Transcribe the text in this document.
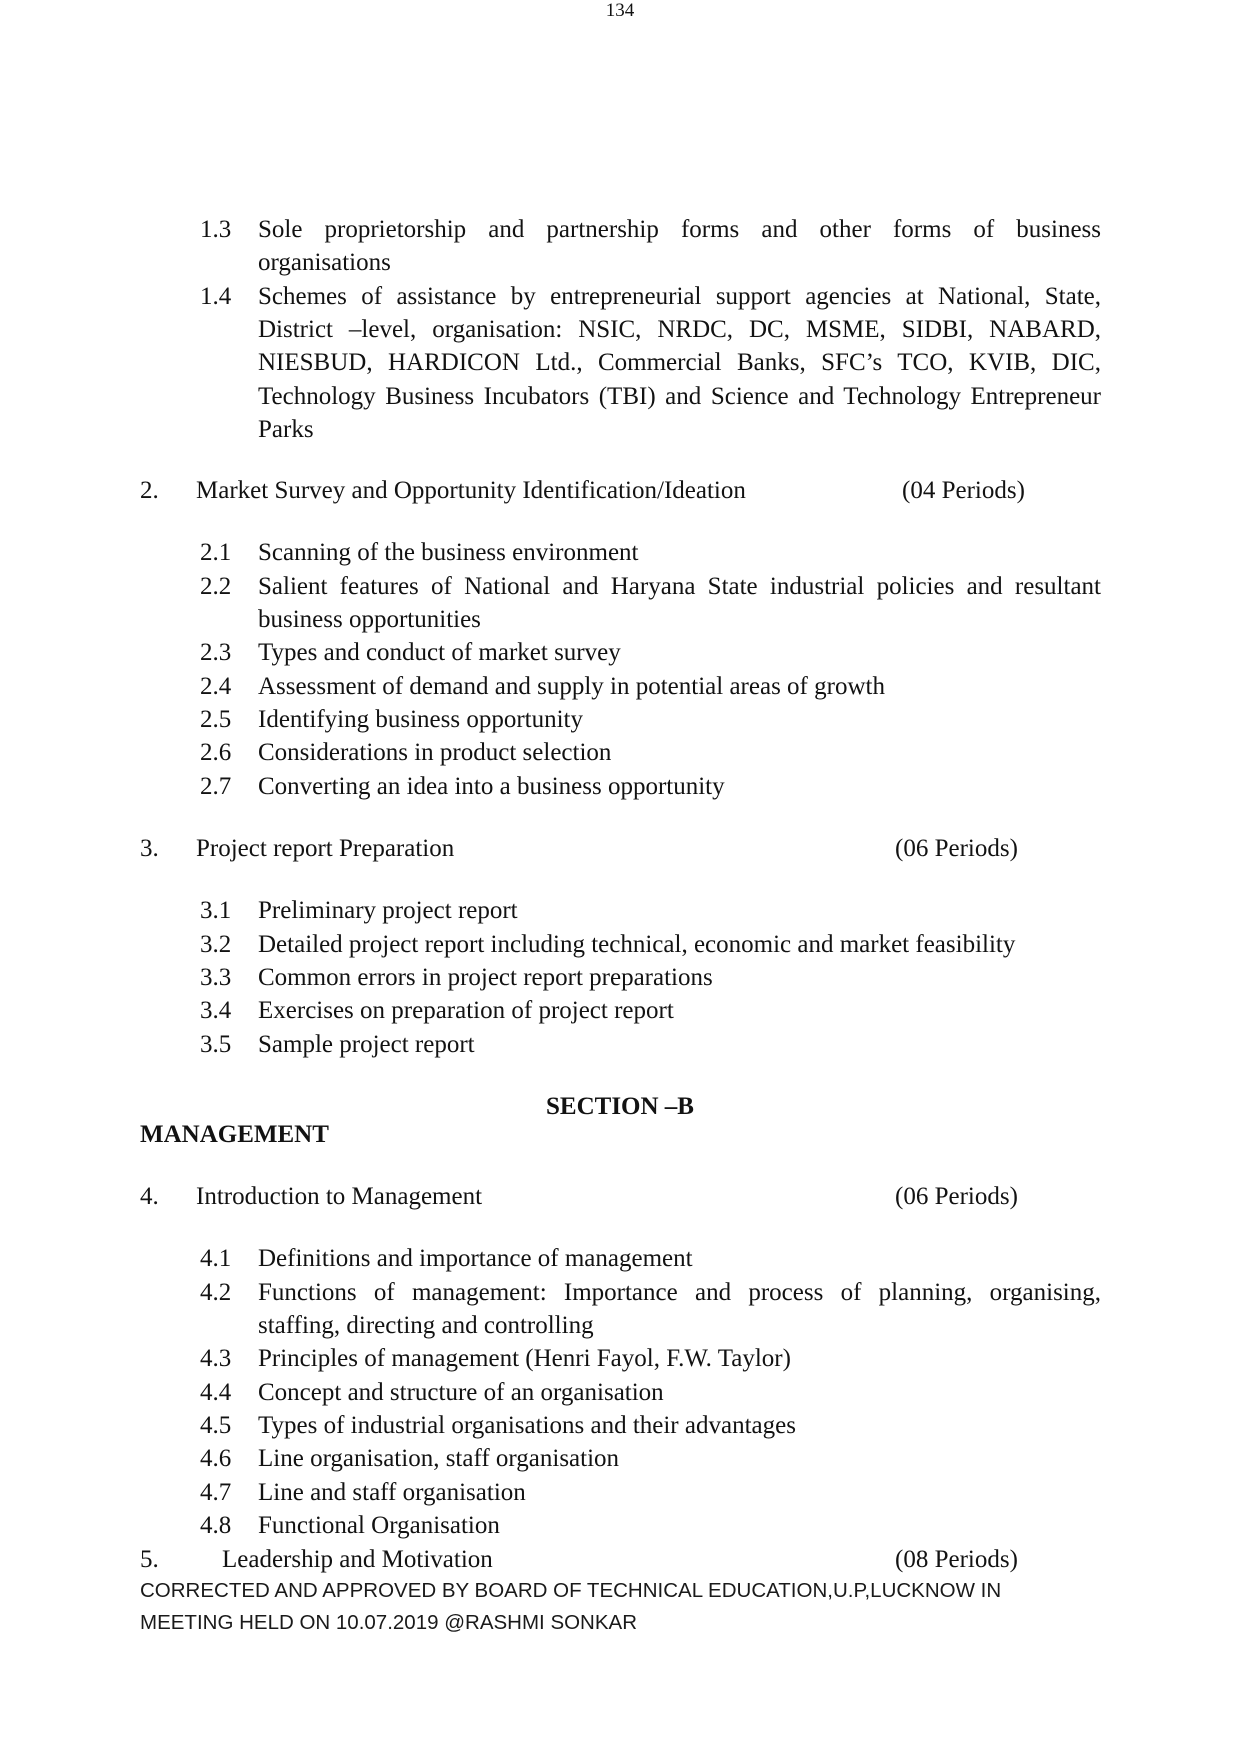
134
1.3 Sole proprietorship and partnership forms and other forms of business
organisations
1.4 Schemes of assistance by entrepreneurial support agencies at National, State,
District –level, organisation: NSIC, NRDC, DC, MSME, SIDBI, NABARD,
NIESBUD, HARDICON Ltd., Commercial Banks, SFC’s TCO, KVIB, DIC,
Technology Business Incubators (TBI) and Science and Technology Entrepreneur
Parks
2. Market Survey and Opportunity Identification/Ideation	(04 Periods)
2.1 Scanning of the business environment
2.2 Salient features of National and Haryana State industrial policies and resultant
business opportunities
2.3 Types and conduct of market survey
2.4 Assessment of demand and supply in potential areas of growth
2.5 Identifying business opportunity
2.6 Considerations in product selection
2.7 Converting an idea into a business opportunity
3. Project report Preparation	(06 Periods)
3.1 Preliminary project report
3.2 Detailed project report including technical, economic and market feasibility
3.3 Common errors in project report preparations
3.4 Exercises on preparation of project report
3.5 Sample project report
SECTION –B
MANAGEMENT
4. Introduction to Management	(06 Periods)
4.1 Definitions and importance of management
4.2 Functions of management: Importance and process of planning, organising,
staffing, directing and controlling
4.3 Principles of management (Henri Fayol, F.W. Taylor)
4.4 Concept and structure of an organisation
4.5 Types of industrial organisations and their advantages
4.6 Line organisation, staff organisation
4.7 Line and staff organisation
4.8 Functional Organisation
5.	Leadership and Motivation	(08 Periods)
CORRECTED AND APPROVED BY BOARD OF TECHNICAL EDUCATION,U.P,LUCKNOW IN
MEETING HELD ON 10.07.2019 @RASHMI SONKAR
